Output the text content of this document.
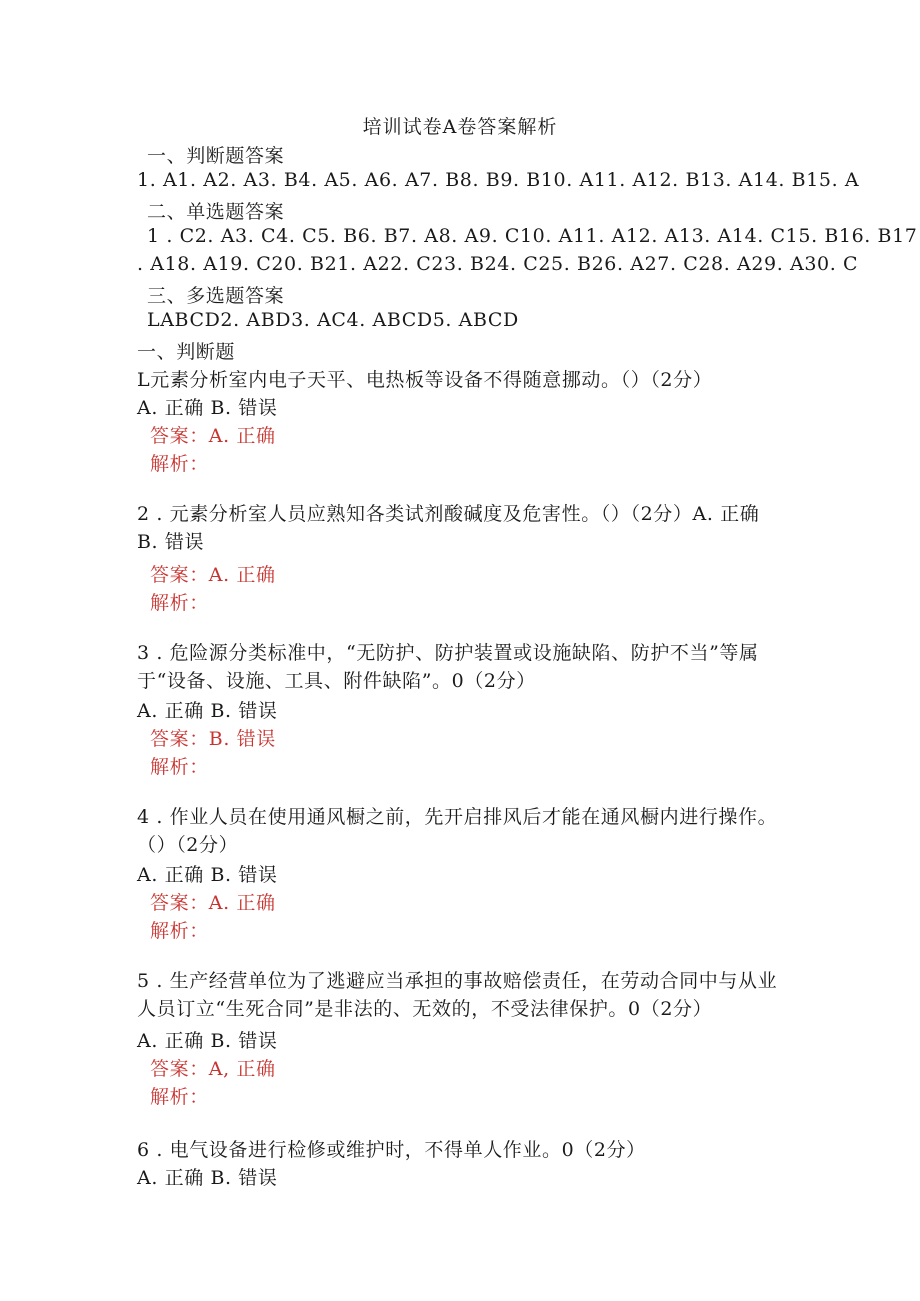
培训试卷A卷答案解析
一、判断题答案
1. A1. A2. A3. B4. A5. A6. A7. B8. B9. B10. A11. A12. B13. A14. B15. A
二、单选题答案
1 . C2. A3. C4. C5. B6. B7. A8. A9. C10. A11. A12. A13. A14. C15. B16. B17
. A18. A19. C20. B21. A22. C23. B24. C25. B26. A27. C28. A29. A30. C
三、多选题答案
LABCD2. ABD3. AC4. ABCD5. ABCD
一、判断题
L元素分析室内电子天平、电热板等设备不得随意挪动。（）（2分）
A. 正确 B. 错误
答案：A. 正确
解析：
2 . 元素分析室人员应熟知各类试剂酸碱度及危害性。（）（2分）A. 正确 B. 错误
答案：A. 正确
解析：
3 . 危险源分类标准中，“无防护、防护装置或设施缺陷、防护不当”等属于“设备、设施、工具、附件缺陷”。0（2分）
A. 正确 B. 错误
答案：B. 错误
解析：
4 . 作业人员在使用通风橱之前，先开启排风后才能在通风橱内进行操作。（）（2分）
A. 正确 B. 错误
答案：A. 正确
解析：
5 . 生产经营单位为了逃避应当承担的事故赔偿责任，在劳动合同中与从业人员订立“生死合同”是非法的、无效的，不受法律保护。0（2分）
A. 正确 B. 错误
答案：A, 正确
解析：
6 . 电气设备进行检修或维护时，不得单人作业。0（2分）
A. 正确 B. 错误
